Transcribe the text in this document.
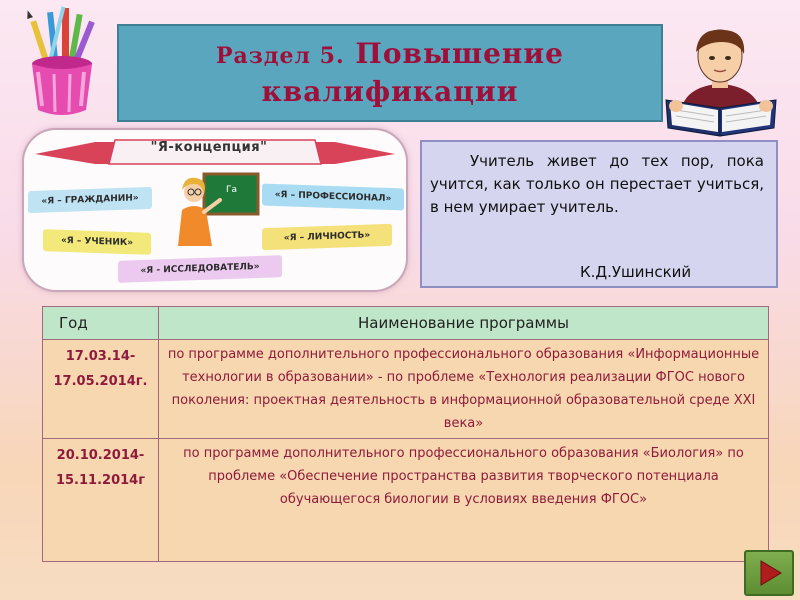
Раздел 5. Повышение
квалификации
"Я-концепция"
«Я – ГРАЖДАНИН»
«Я – УЧЕНИК»
«Я - ИССЛЕДОВАТЕЛЬ»
«Я – ПРОФЕССИОНАЛ»
«Я – ЛИЧНОСТЬ»
Га

Учитель живет до тех пор, пока учится, как только он перестает учиться, в нем умирает учитель.

К.Д.Ушинский
Год	Наименование программы
17.03.14-17.05.2014г.	по программе дополнительного профессионального образования «Информационные технологии в образовании» - по проблеме «Технология реализации ФГОС нового поколения: проектная деятельность в информационной образовательной среде XXI века»
20.10.2014-15.11.2014г	по программе дополнительного профессионального образования «Биология» по проблеме «Обеспечение пространства развития творческого потенциала обучающегося биологии в условиях введения ФГОС»
